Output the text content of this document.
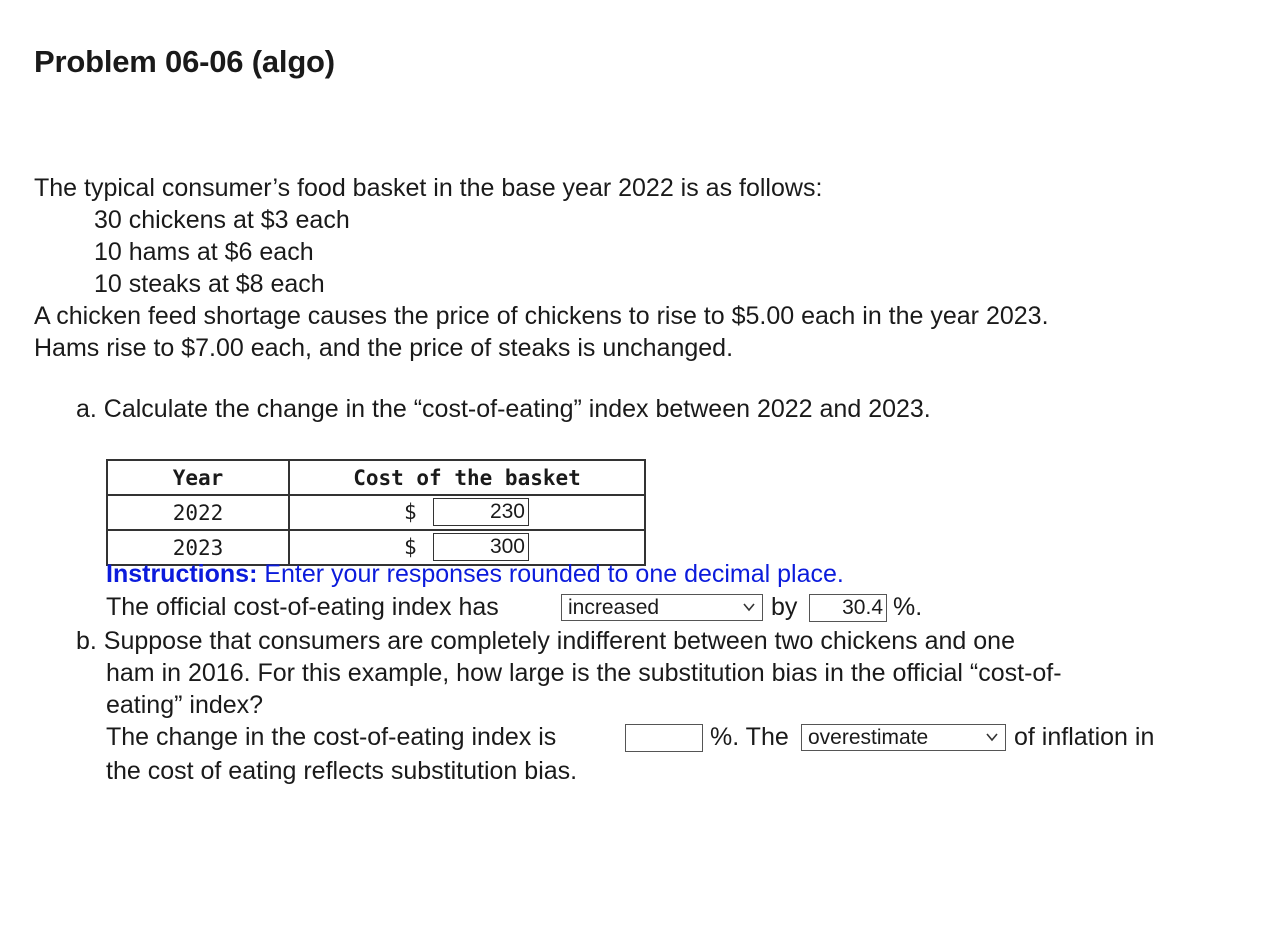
Problem 06-06 (algo)
The typical consumer’s food basket in the base year 2022 is as follows:
30 chickens at $3 each
10 hams at $6 each
10 steaks at $8 each
A chicken feed shortage causes the price of chickens to rise to $5.00 each in the year 2023.
Hams rise to $7.00 each, and the price of steaks is unchanged.
a. Calculate the change in the “cost-of-eating” index between 2022 and 2023.
Year	Cost of the basket
2022	$ 230

2023	$ 300
Instructions: Enter your responses rounded to one decimal place.
The official cost-of-eating index has	increased	by	30.4 %.
b. Suppose that consumers are completely indifferent between two chickens and one
ham in 2016. For this example, how large is the substitution bias in the official “cost-of-
eating” index?
The change in the cost-of-eating index is	%. The overestimate	of inflation in
the cost of eating reflects substitution bias.
